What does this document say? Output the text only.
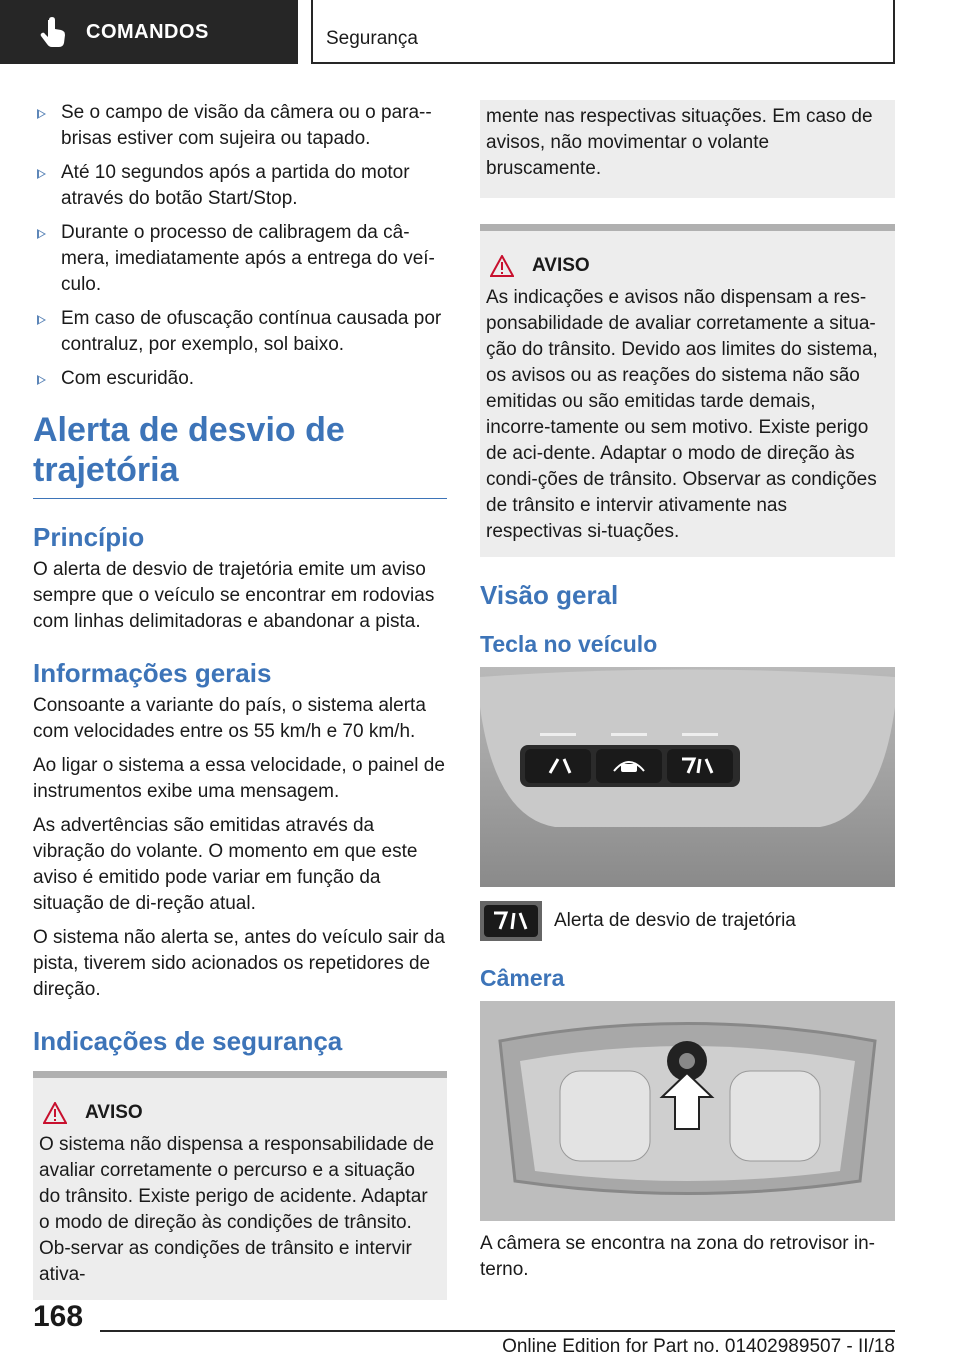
COMANDOS	Segurança
Se o campo de visão da câmera ou o para--brisas estiver com sujeira ou tapado.
Até 10 segundos após a partida do motor através do botão Start/Stop.
Durante o processo de calibragem da câ-mera, imediatamente após a entrega do veí-culo.
Em caso de ofuscação contínua causada por contraluz, por exemplo, sol baixo.
Com escuridão.
Alerta de desvio de trajetória
Princípio

O alerta de desvio de trajetória emite um aviso sempre que o veículo se encontrar em rodovias com linhas delimitadoras e abandonar a pista.

Informações gerais

Consoante a variante do país, o sistema alerta com velocidades entre os 55 km/h e 70 km/h.

Ao ligar o sistema a essa velocidade, o painel de instrumentos exibe uma mensagem.

As advertências são emitidas através da vibração do volante. O momento em que este aviso é emitido pode variar em função da situação de di-reção atual.

O sistema não alerta se, antes do veículo sair da pista, tiverem sido acionados os repetidores de direção.

Indicações de segurança
AVISO

O sistema não dispensa a responsabilidade de avaliar corretamente o percurso e a situação do trânsito. Existe perigo de acidente. Adaptar o modo de direção às condições de trânsito. Ob-servar as condições de trânsito e intervir ativa-

mente nas respectivas situações. Em caso de avisos, não movimentar o volante bruscamente.

AVISO

As indicações e avisos não dispensam a res-ponsabilidade de avaliar corretamente a situa-ção do trânsito. Devido aos limites do sistema, os avisos ou as reações do sistema não são emitidas ou são emitidas tarde demais, incorre-tamente ou sem motivo. Existe perigo de aci-dente. Adaptar o modo de direção às condi-ções de trânsito. Observar as condições de trânsito e intervir ativamente nas respectivas si-tuações.

Visão geral
Tecla no veículo
Alerta de desvio de trajetória
Câmera

A câmera se encontra na zona do retrovisor in-terno.

168
Online Edition for Part no. 01402989507 - II/18
